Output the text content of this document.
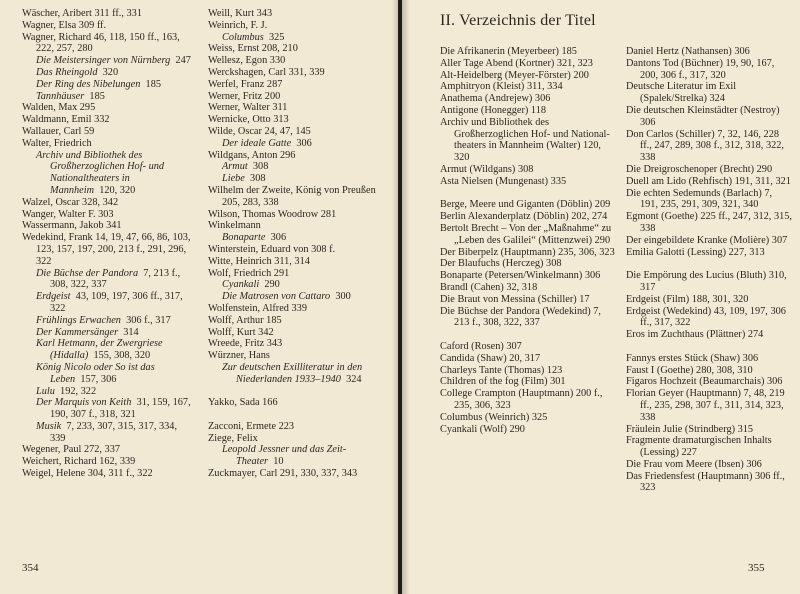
Wäscher, Aribert 311 ff., 331

Wagner, Elsa 309 ff.

Wagner, Richard 46, 118, 150 ff., 163, 222, 257, 280

Die Meistersinger von Nürnberg 247

Das Rheingold 320

Der Ring des Nibelungen 185

Tannhäuser 185

Walden, Max 295

Waldmann, Emil 332

Wallauer, Carl 59

Walter, Friedrich

Archiv und Bibliothek des Großherzoglichen Hof- und Nationaltheaters in Mannheim 120, 320

Walzel, Oscar 328, 342

Wanger, Walter F. 303

Wassermann, Jakob 341

Wedekind, Frank 14, 19, 47, 66, 86, 103, 123, 157, 197, 200, 213 f., 291, 296, 322

Die Büchse der Pandora 7, 213 f., 308, 322, 337

Erdgeist 43, 109, 197, 306 ff., 317, 322

Frühlings Erwachen 306 f., 317

Der Kammersänger 314

Karl Hetmann, der Zwergriese (Hidalla) 155, 308, 320

König Nicolo oder So ist das Leben 157, 306

Lulu 192, 322

Der Marquis von Keith 31, 159, 167, 190, 307 f., 318, 321

Musik 7, 233, 307, 315, 317, 334, 339

Wegener, Paul 272, 337

Weichert, Richard 162, 339

Weigel, Helene 304, 311 f., 322

Weill, Kurt 343

Weinrich, F. J.

Columbus 325

Weiss, Ernst 208, 210

Wellesz, Egon 330

Werckshagen, Carl 331, 339

Werfel, Franz 287

Werner, Fritz 200

Werner, Walter 311

Wernicke, Otto 313

Wilde, Oscar 24, 47, 145

Der ideale Gatte 306

Wildgans, Anton 296

Armut 308

Liebe 308

Wilhelm der Zweite, König von Preußen 205, 283, 338

Wilson, Thomas Woodrow 281

Winkelmann

Bonaparte 306

Winterstein, Eduard von 308 f.

Witte, Heinrich 311, 314

Wolf, Friedrich 291

Cyankali 290

Die Matrosen von Cattaro 300

Wolfenstein, Alfred 339

Wolff, Arthur 185

Wolff, Kurt 342

Wreede, Fritz 343

Würzner, Hans

Zur deutschen Exilliteratur in den Niederlanden 1933–1940 324

Yakko, Sada 166

Zacconi, Ermete 223

Ziege, Felix

Leopold Jessner und das Zeit-Theater 10

Zuckmayer, Carl 291, 330, 337, 343

354
II. Verzeichnis der Titel

Die Afrikanerin (Meyerbeer) 185

Aller Tage Abend (Kortner) 321, 323

Alt-Heidelberg (Meyer-Förster) 200

Amphitryon (Kleist) 311, 334

Anathema (Andrejew) 306

Antigone (Honegger) 118

Archiv und Bibliothek des Großherzoglichen Hof- und National-theaters in Mannheim (Walter) 120, 320

Armut (Wildgans) 308

Asta Nielsen (Mungenast) 335

Berge, Meere und Giganten (Döblin) 209

Berlin Alexanderplatz (Döblin) 202, 274

Bertolt Brecht – Von der „Maßnahme“ zu „Leben des Galilei“ (Mittenzwei) 290

Der Biberpelz (Hauptmann) 235, 306, 323

Der Blaufuchs (Herczeg) 308

Bonaparte (Petersen/Winkelmann) 306

Brandl (Cahen) 32, 318

Die Braut von Messina (Schiller) 17

Die Büchse der Pandora (Wedekind) 7, 213 f., 308, 322, 337

Caford (Rosen) 307

Candida (Shaw) 20, 317

Charleys Tante (Thomas) 123

Children of the fog (Film) 301

College Crampton (Hauptmann) 200 f., 235, 306, 323

Columbus (Weinrich) 325

Cyankali (Wolf) 290

Daniel Hertz (Nathansen) 306

Dantons Tod (Büchner) 19, 90, 167, 200, 306 f., 317, 320

Deutsche Literatur im Exil (Spalek/Strelka) 324

Die deutschen Kleinstädter (Nestroy) 306

Don Carlos (Schiller) 7, 32, 146, 228 ff., 247, 289, 308 f., 312, 318, 322, 338

Die Dreigroschenoper (Brecht) 290

Duell am Lido (Rehfisch) 191, 311, 321

Die echten Sedemunds (Barlach) 7, 191, 235, 291, 309, 321, 340

Egmont (Goethe) 225 ff., 247, 312, 315, 338

Der eingebildete Kranke (Molière) 307

Emilia Galotti (Lessing) 227, 313

Die Empörung des Lucius (Bluth) 310, 317

Erdgeist (Film) 188, 301, 320

Erdgeist (Wedekind) 43, 109, 197, 306 ff., 317, 322

Eros im Zuchthaus (Plättner) 274

Fannys erstes Stück (Shaw) 306

Faust I (Goethe) 280, 308, 310

Figaros Hochzeit (Beaumarchais) 306

Florian Geyer (Hauptmann) 7, 48, 219 ff., 235, 298, 307 f., 311, 314, 323, 338

Fräulein Julie (Strindberg) 315

Fragmente dramaturgischen Inhalts (Lessing) 227

Die Frau vom Meere (Ibsen) 306

Das Friedensfest (Hauptmann) 306 ff., 323

355
